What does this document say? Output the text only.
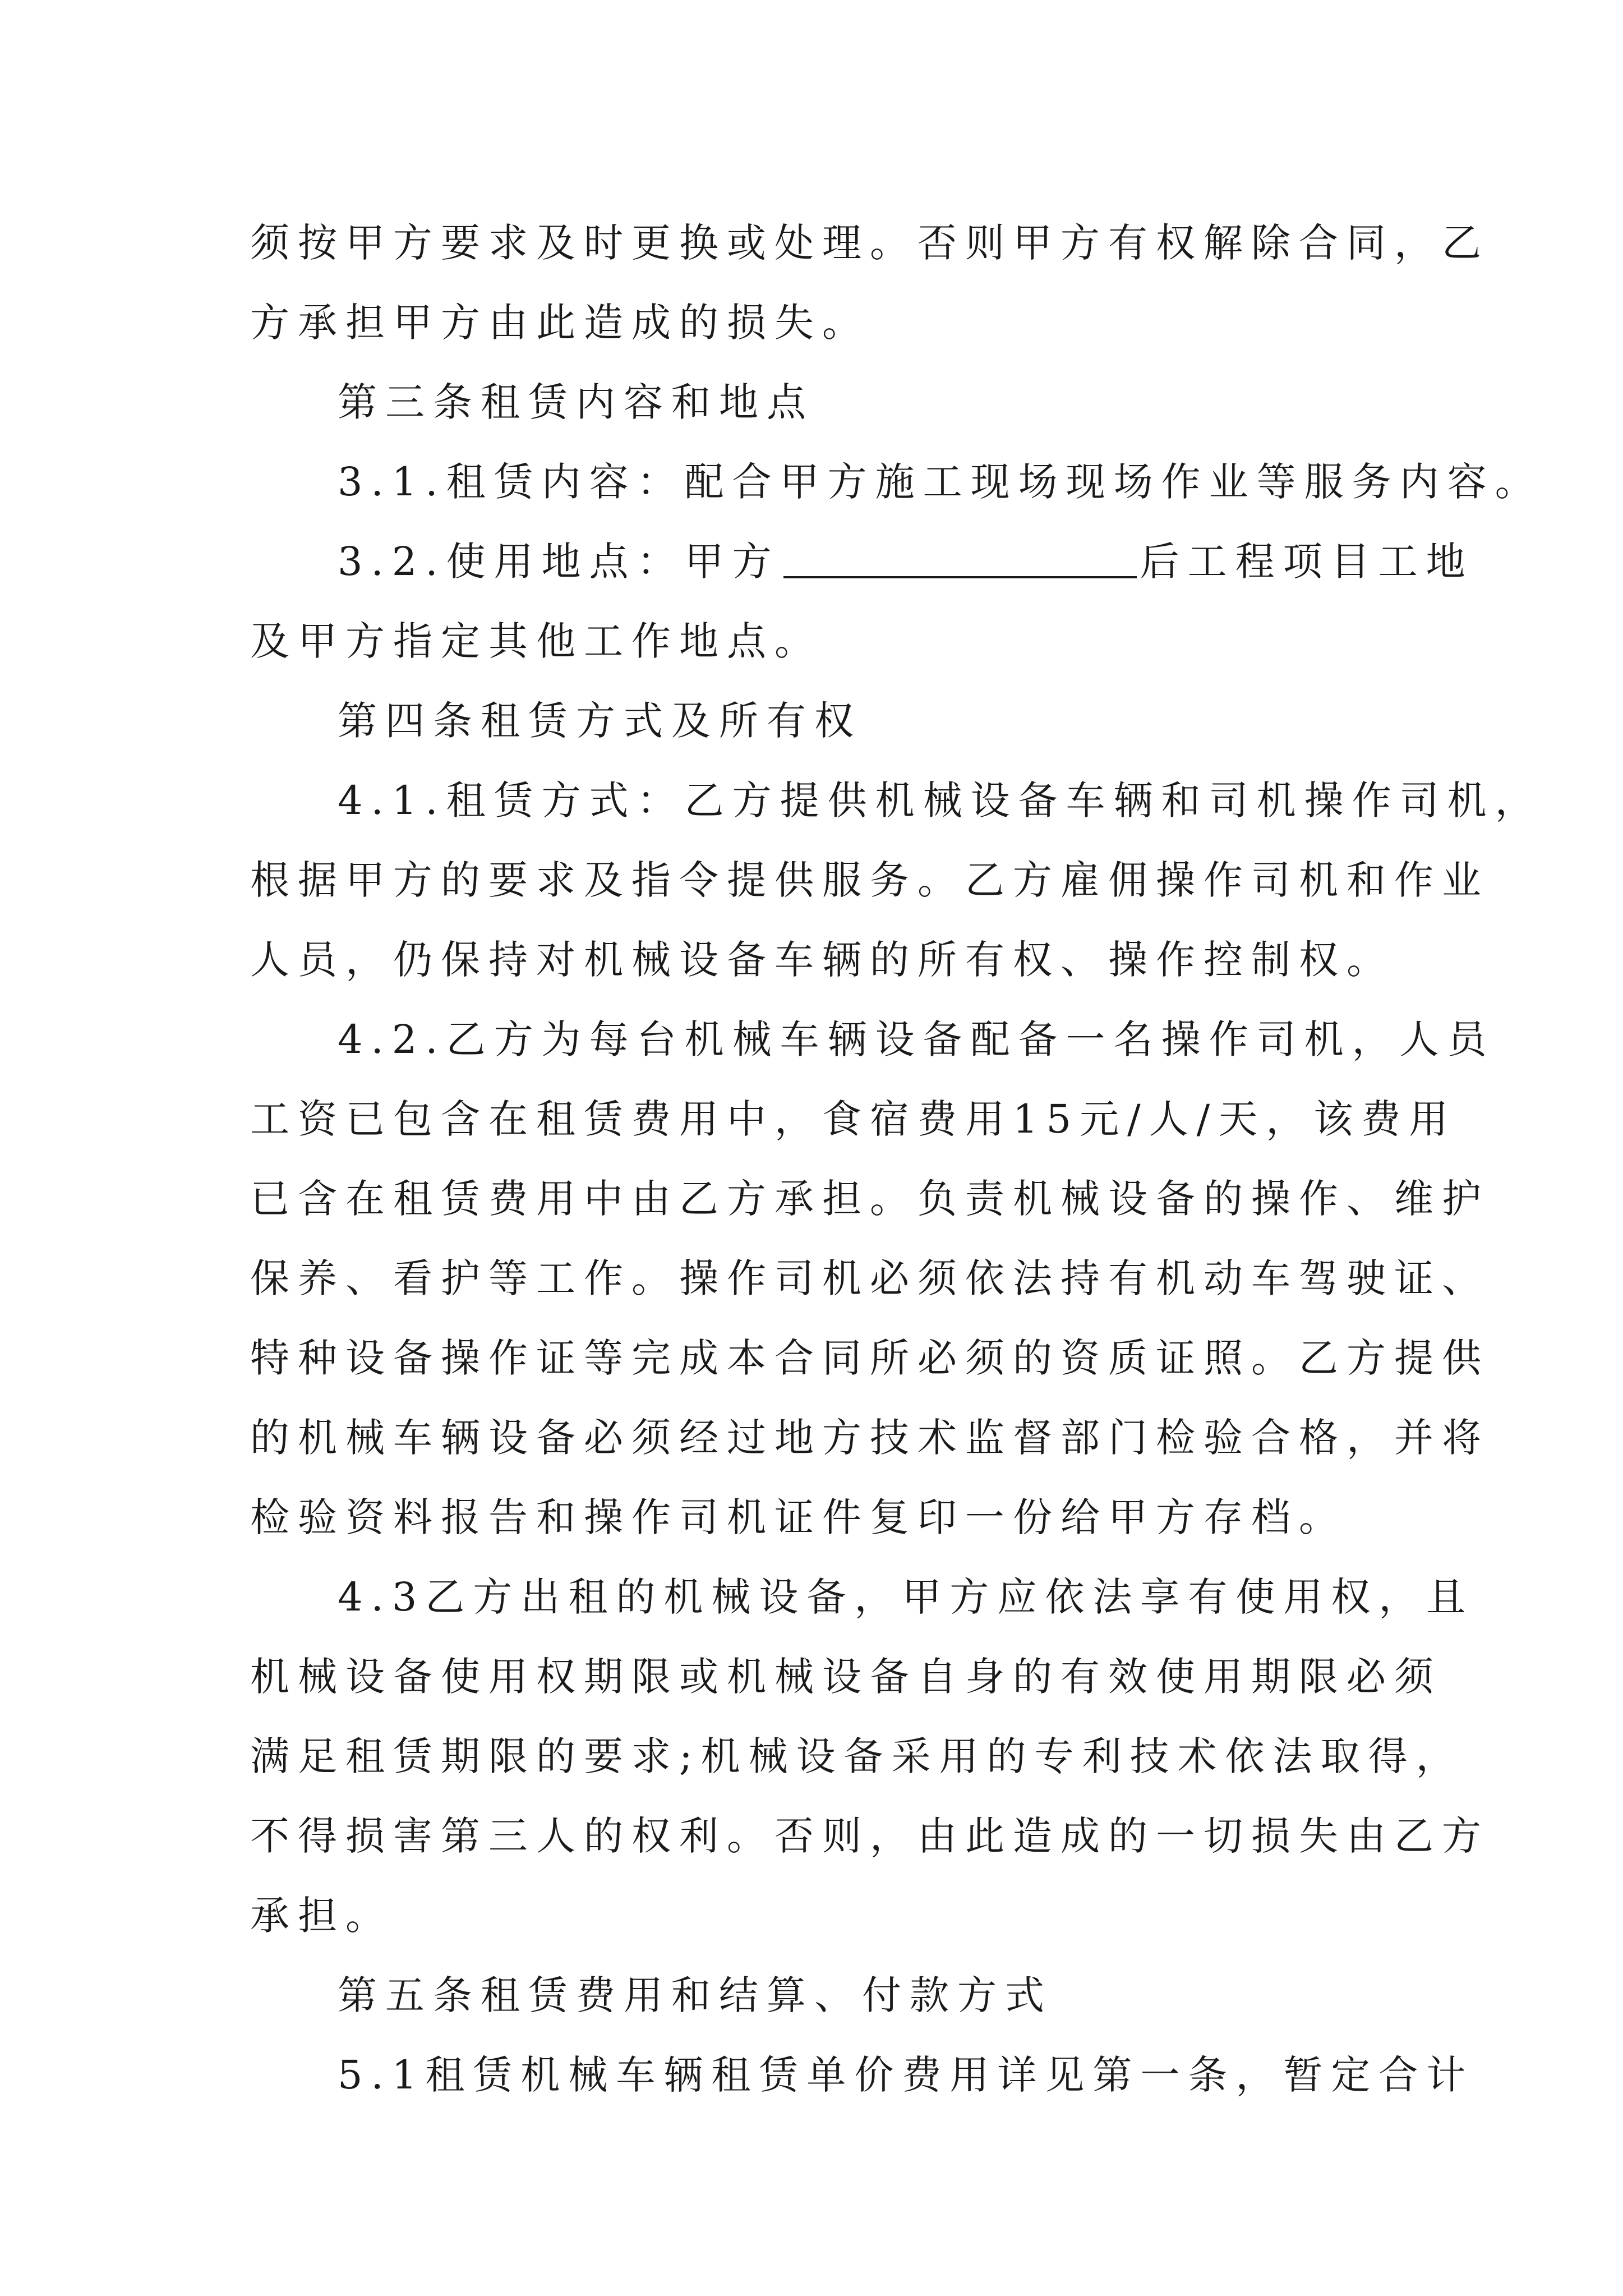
须按甲方要求及时更换或处理。否则甲方有权解除合同，乙
方承担甲方由此造成的损失。
第三条租赁内容和地点
3.1.租赁内容：配合甲方施工现场现场作业等服务内容。
3.2.使用地点：甲方	后工程项目工地
及甲方指定其他工作地点。
第四条租赁方式及所有权
4.1.租赁方式：乙方提供机械设备车辆和司机操作司机，
根据甲方的要求及指令提供服务。乙方雇佣操作司机和作业
人员，仍保持对机械设备车辆的所有权、操作控制权。
4.2.乙方为每台机械车辆设备配备一名操作司机，人员
工资已包含在租赁费用中，食宿费用15元/人/天，该费用
已含在租赁费用中由乙方承担。负责机械设备的操作、维护
保养、看护等工作。操作司机必须依法持有机动车驾驶证、
特种设备操作证等完成本合同所必须的资质证照。乙方提供
的机械车辆设备必须经过地方技术监督部门检验合格，并将
检验资料报告和操作司机证件复印一份给甲方存档。
4.3乙方出租的机械设备，甲方应依法享有使用权，且
机械设备使用权期限或机械设备自身的有效使用期限必须
满足租赁期限的要求;机械设备采用的专利技术依法取得，
不得损害第三人的权利。否则，由此造成的一切损失由乙方
承担。
第五条租赁费用和结算、付款方式
5.1租赁机械车辆租赁单价费用详见第一条，暂定合计
